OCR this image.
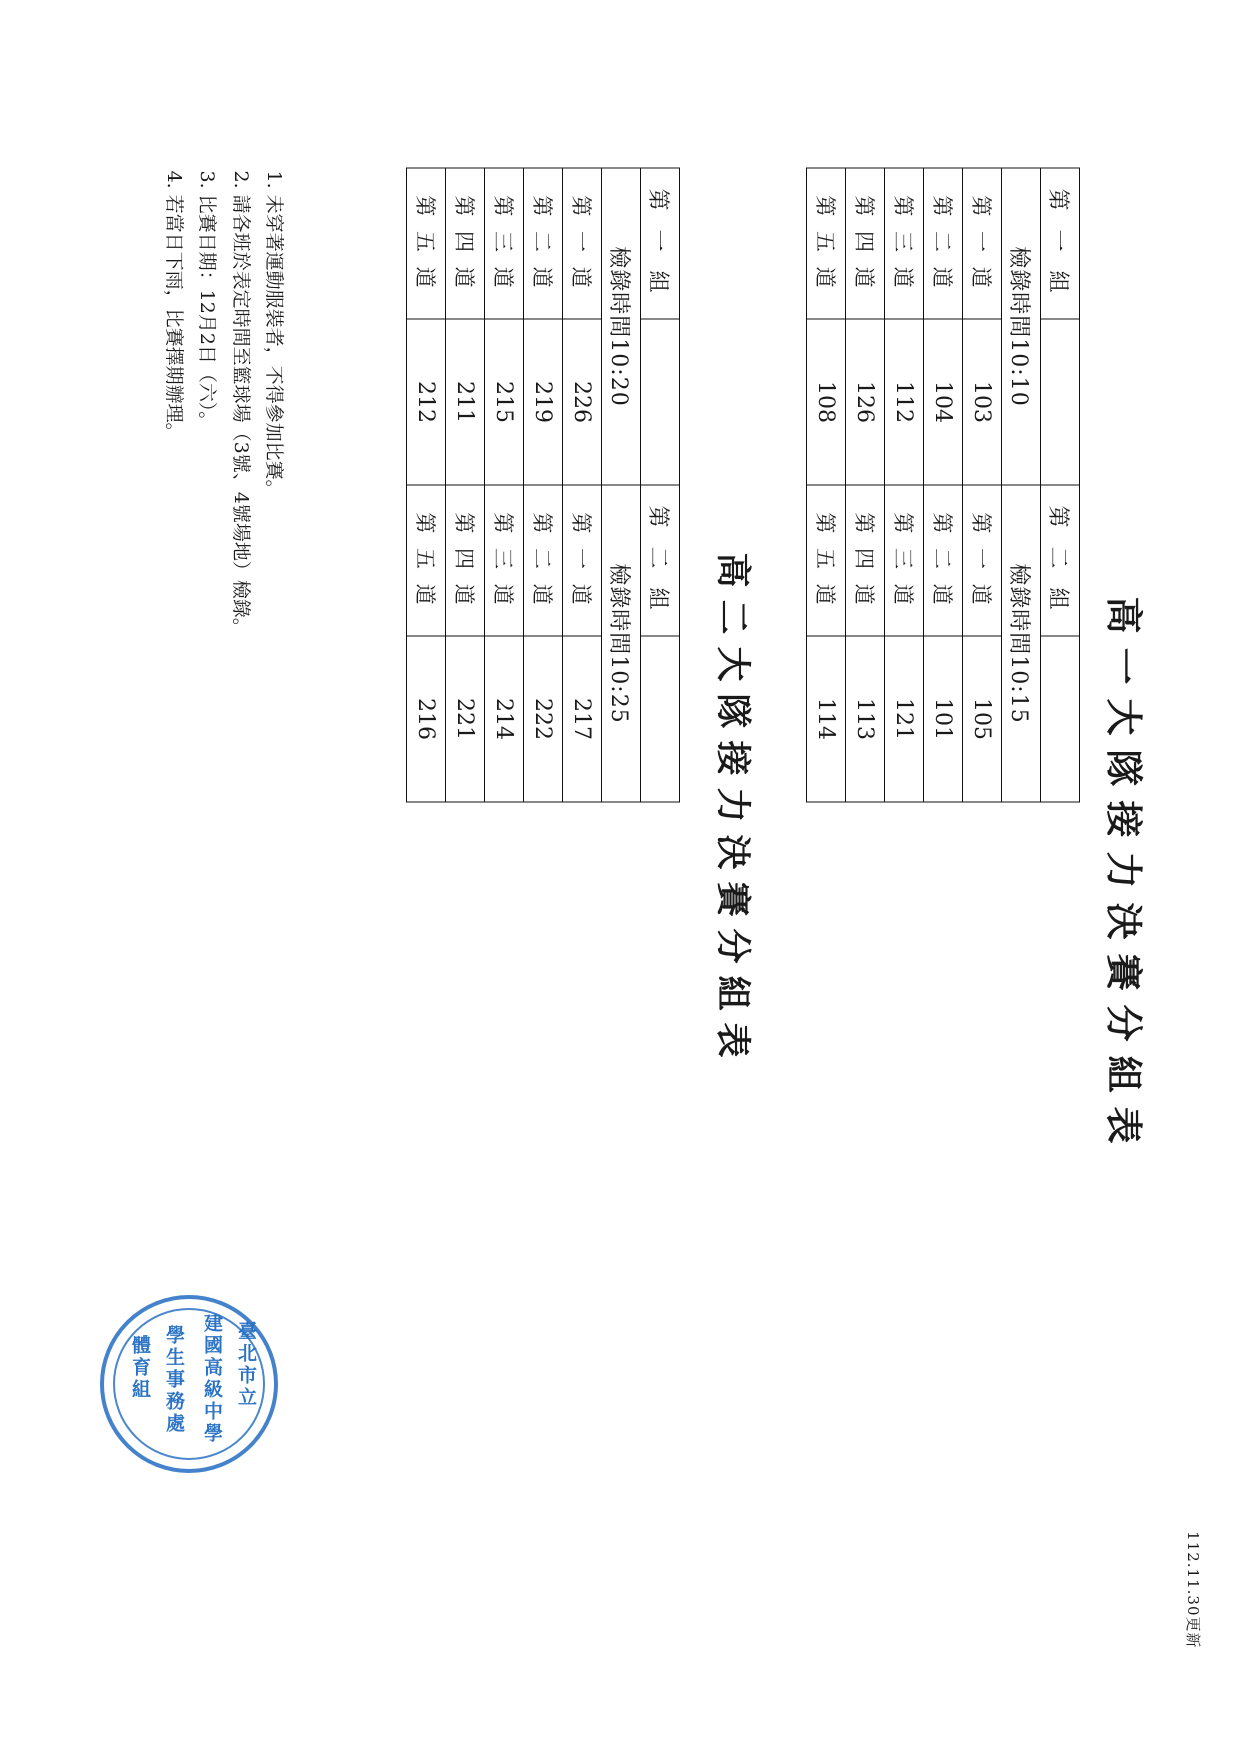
112.11.30更新
高一大隊接力決賽分組表
第 一 組		第 二 組	
檢錄時間10:10		檢錄時間10:15	
第 一 道	103	第 一 道	105
第 二 道	104	第 二 道	101
第 三 道	112	第 三 道	121
第 四 道	126	第 四 道	113
第 五 道	108	第 五 道	114
高二大隊接力決賽分組表
第 一 組		第 二 組	
檢錄時間10:20		檢錄時間10:25	
第 一 道	226	第 一 道	217
第 二 道	219	第 二 道	222
第 三 道	215	第 三 道	214
第 四 道	211	第 四 道	221
第 五 道	212	第 五 道	216
1. 未穿著運動服裝者，不得參加比賽。
2. 請各班於表定時間至籃球場（3號、4號場地）檢錄。
3. 比賽日期：12月2日（六）。
4. 若當日下雨，比賽擇期辦理。
臺北市立
建國高級中學
學生事務處
體育組
